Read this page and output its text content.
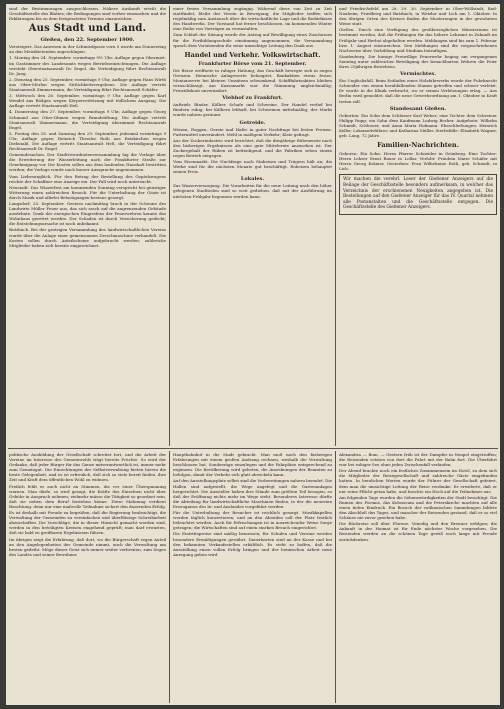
sind der Bestimmungen ausgeschlossen. Nähere Auskunft erteilt die Geschäftsstelle des Blattes; die Bedingungen sind vorher einzusehen und die Erklärungen bis zu dem festgesetzten Termine einzureichen.

Aus Stadt und Land.
Gießen, den 22. September 1900.

Versteigert. Das Anwesen in der Schmiedgasse vorn 5 wurde am Donnerstag an den Meistbietenden zugeschlagen.

1. Montag den 24. September, vormittags 9½ Uhr, Auflage gegen Obermiet, im Gastzimmer des Landesamts wegen Betriebseinrichtungen. Die Auflage versteht Oberstaatsanwalt Dr. Engel, die Verteidigung führt Rechtsanwalt Dr. Jung.

2. Dienstag den 25. September, vormittags 9 Uhr, Auflage gegen Hans Wirth aus Ober-Mörlen wegen Sittlichkeitsvergehens. Die Auflage vertritt Staatsanwalt Zimmermann, die Verteidigung führt Rechtsanwalt Schäfer.

3. Mittwoch den 26. September, vormittags 9 Uhr, Auflage gegen Karl Wendel aus Rödgen wegen Körperverletzung mit tödlichem Ausgang. Die Auflage vertritt Staatsanwalt Heß.

4. Donnerstag den 27. September, vormittags 9 Uhr, Auflage gegen Georg Schmand aus Ober-Ohmen wegen Brandstiftung. Die Auflage vertritt Staatsanwalt Zimmermann, die Verteidigung übernimmt Rechtsanwalt Engel.

5. Freitag den 28. und Samstag den 29. September, jedesmal vormittags 9 Uhr, Auflage gegen Heinrich Theodor Roth aus Reiskirchen wegen Diebstahl. Die Auflage vertritt Staatsanwalt Heß, die Verteidigung führt Rechtsanwalt Dr. Engel.

Gemeindesachen. Der Stadtverordnetenversammlung lag die Vorlage über die Erweiterung der Wasserleitung nach der Frankfurter Straße zur Genehmigung vor. Die Kosten sollen aus dem laufenden Haushalt bestritten werden; die Vorlage wurde nach kurzer Aussprache angenommen.

Vom Liebesunglück. Für den Betrag der Bestellung des Gepäckwagens reichte der Schaffner eine Anzeige ein. Der Fall wird noch untersucht.

Neustadt. Das Winzerfest am kommenden Sonntag verspricht bei günstiger Witterung einen zahlreichen Besuch. Für die Unterhaltung der Gäste ist durch Musik und allerlei Belustigungen bestens gesorgt.

Langsdorf, 20. September. Gestern nachmittag brach in der Scheune des Landwirts Müller Feuer aus, das sich rasch auf die angrenzenden Gebäude ausdehnte. Dank des energischen Eingreifens der Feuerwehren konnte das Wohnhaus gerettet werden. Der Schaden ist durch Versicherung gedeckt; die Entstehungsursache ist noch unbekannt.

Butzbach. Bei der gestrigen Versammlung des landwirtschaftlichen Vereins wurde über die Anlage einer gemeinsamen Dreschmaschine verhandelt. Die Kosten sollen durch Anteilscheine aufgebracht werden; zahlreiche Mitglieder haben sich bereits eingezeichnet.

einer freien Versammlung zugängig. Während diese von Zeit zu Zeit stattfindet, bleibt der Verein in Bewegung; die Mitglieder treffen sich regelmäßig zum Austausch über die wirtschaftliche Lage und die Bedürfnisse des Handwerks. Der Vorstand hat ferner beschlossen, im kommenden Winter eine Reihe von Vorträgen zu veranstalten.

Zum Schluß der Sitzung wurde der Antrag auf Bewilligung eines Zuschusses für die Fortbildungsschule einstimmig angenommen; die Versammlung sprach dem Vorsitzenden für seine umsichtige Leitung den Dank aus.

Handel und Verkehr. Volkswirtschaft.
Frankfurter Börse vom 21. September.

Die Börse eröffnete in ruhiger Haltung; das Geschäft bewegte sich in engen Grenzen. Heimische Anlagewerte behauptet, Bankaktien etwas fester, Montanwerte bei kleinen Umsätzen schwankend. Schifffahrtsaktien blieben vernachlässigt. Am Kassamarkt war die Stimmung ungleichmäßig; Privatdiskont unverändert.

Viehhof zu Frankfurt.

Auftrieb: Rinder, Kälber, Schafe und Schweine. Der Handel verlief bei Rindern ruhig, bei Kälbern lebhaft, bei Schweinen mittelmäßig; der Markt wurde nahezu geräumt.

Getreide.

Weizen, Roggen, Gerste und Hafer in guter Nachfrage bei festen Preisen. Futtermittel unverändert. Mehl in mäßigem Verkehr; Kleie gefragt.

Aus der Zuckerindustrie wird berichtet, daß die diesjährige Rübenernte nach den bisherigen Ergebnissen als eine gute Mittelernte anzusehen ist. Der Zuckergehalt der Rüben ist befriedigend, und die Fabriken sehen einem regen Betrieb entgegen.

Vom Eisenmarkt. Die Nachfrage nach Stabeisen und Trägern hält an; die Werke sind für die nächsten Monate gut beschäftigt. Roheisen behauptet seinen Preis.

Lokales.

Zur Wasserversorgung. Die Vorarbeiten für die neue Leitung nach den höher gelegenen Stadtteilen sind so weit gediehen, daß mit der Ausführung im nächsten Frühjahr begonnen werden kann.

und Friedrichsfeld am 28. 29. 30. September in Ober-Wöllstadt, Bad-Nauheim, Friedberg und Butzbach; in Wetzlar und Lich am 1. Oktober. In den übrigen Orten des Kreises finden die Musterungen in der gewohnten Weise statt.

Gießen. Durch eine Verfügung des großherzoglichen Ministeriums ist bestimmt worden, daß die Prüfungen für das höhere Lehramt in Zukunft im Frühjahr und Herbst abgehalten werden. Meldungen sind bis zum 1. Februar bzw. 1. August einzureichen. Den Meldungen sind die vorgeschriebenen Nachweise über Vorbildung und Studium beizufügen.

Staufenberg. Die hiesige Freiwillige Feuerwehr beging am vergangenen Sonntag unter zahlreicher Beteiligung der benachbarten Wehren die Feier ihres 25jährigen Bestehens.

Vermischtes.

Ein Unglücksfall. Beim Entladen eines Holzfuhrwerks wurde der Fuhrknecht Schneider von einem herabfallenden Stamm getroffen und schwer verletzt. Er wurde in die Klinik verbracht, wo er seinen Verletzungen erlag. — Aus Berlin wird gemeldet, daß die neue Gewerbeordnung am 1. Oktober in Kraft treten soll.

Standesamt Gießen.

Geburten: Ein Sohn dem Schlosser Karl Weber; eine Tochter dem Schreiner Philipp Rupp; ein Sohn dem Kaufmann Ludwig Becker. Aufgebote: Wilhelm Schmidt, Schlosser, und Anna Maria Hofmann. Eheschließungen: Heinrich Keller, Lokomotivführer, und Katharina Müller. Sterbefälle: Elisabeth Wagner, geb. Lang, 72 Jahre.

Familien-Nachrichten.

Geboren: Ein Sohn: Herrn Pfarrer Schneider in Grünberg. Eine Tochter: Herrn Lehrer Ernst Bauer in Lollar. Verlobt: Fräulein Marie Schäfer mit Herrn Georg Krämer. Gestorben: Frau Wilhelmine Roth, geb. Schmidt, in Lich.

Wir machen die verehrl. Leser der Gießener Anzeigers auf die Beilage der Geschäftsstelle besonders aufmerksam, in welcher das Verzeichnis der erschienenen Neuigkeiten angegeben ist. Die Bestellungen auf den Gießener Anzeiger für das IV. Quartal nehmen alle Postanstalten und die Geschäftsstelle entgegen. Die Geschäftsstelle des Gießener Anzeigers.

politische Ausbildung der Gesellschaft schreitet fort, und die Arbeit der Vereine im Interesse des Gemeinwohls trägt bereits Früchte. So wird der Gedanke, daß jeder Bürger für das Ganze mitverantwortlich ist, immer mehr zum Gemeingut. Die Einrichtungen der Selbstverwaltung bieten hierzu die beste Gelegenheit, und es ist erfreulich, daß sich so viele bereit finden, ihre Zeit und Kraft dem öffentlichen Wohl zu widmen.

Freilich fehlt es auch nicht an Stimmen, die vor einer Überspannung warnen. Man dürfe, so wird gesagt, die Kräfte des Einzelnen nicht über Gebühr in Anspruch nehmen; vielmehr müsse die Tätigkeit so geordnet sein, daß sie neben dem Beruf bestehen könne. Diese Mahnung verdient Beachtung, denn nur eine maßvolle Teilnahme sichert den dauernden Erfolg.

Es ist deshalb mit Freude zu begrüßen, daß die Regierung beabsichtigt, die Verwaltung der Gemeinden zu vereinfachen und überflüssige Schreibarbeit abzuschaffen. Die Vorschläge, die in dieser Hinsicht gemacht worden sind, werden in den beteiligten Kreisen eingehend geprüft; man darf erwarten, daß sie bald zu greifbaren Ergebnissen führen.

Im übrigen zeigt die Erfahrung, daß dort, wo die Bürgerschaft regen Anteil an den Angelegenheiten der Gemeinde nimmt, auch die Verwaltung am besten gedeiht. Möge dieser Geist sich immer weiter verbreiten, zum Segen des Landes und seiner Bewohner.

Hauptbahnhof in die Stadt gebracht. Man muß nach den bisherigen Erfahrungen mit einem großen Andrang rechnen, weshalb die Verwaltung beschlossen hat, Sonderzüge einzulegen und die Fahrpläne entsprechend zu ergänzen. Die Bevölkerung wird gebeten, die Anordnungen der Beamten zu befolgen, damit der Verkehr sich glatt abwickeln kann.

Auf den Ausstellungsplatz selbst sind die Vorbereitungen nahezu beendet. Die Hallen sind aufgestellt, die Wege angelegt und die Gartenanlagen hergerichtet. Die Aussteller haben ihre Stände zum größten Teil bezogen, so daß der Eröffnung nichts mehr im Wege steht. Besonderes Interesse dürfte die Abteilung für landwirtschaftliche Maschinen finden, in der die neuesten Erzeugnisse des In- und Auslandes vorgeführt werden.

Für die Unterhaltung der Besucher ist reichlich gesorgt. Musikkapellen werden täglich konzertieren, und an den Abenden soll der Platz festlich beleuchtet werden. Auch für Erfrischungen ist in ausreichender Weise Sorge getragen; die Wirtschaften sind auf einen starken Besuch eingerichtet.

Die Eintrittspreise sind mäßig bemessen; für Schulen und Vereine werden besondere Ermäßigungen gewährt. Dauerkarten sind an der Kasse und bei den bekannten Verkaufsstellen erhältlich. Es steht zu hoffen, daß die Ausstellung einen vollen Erfolg bringen und der heimischen Arbeit neue Anregung geben wird.

Alexandria — Rom. — Gestern früh ist der Dampfer in Neapel eingetroffen; die Reisenden setzten von dort die Fahrt mit der Bahn fort. Die Überfahrt war bei ruhiger See ohne jeden Zwischenfall verlaufen.

Der Abend brachte noch ein festliches Zusammensein im Hotel, zu dem sich die Mitglieder der Reisegesellschaft und zahlreiche Gäste eingefunden hatten. In herzlichen Worten wurde der Führer der Gesellschaft gefeiert, dem man die umsichtige Leitung der Reise verdanke. Er erwiderte, daß er nur seine Pflicht getan habe, und brachte ein Hoch auf die Teilnehmer aus.

Am folgenden Tage wurden die Sehenswürdigkeiten der Stadt besichtigt. Die Ruinen des Forums, das Kolosseum und die Peterskirche machten auf alle einen tiefen Eindruck. Ein Besuch der vatikanischen Sammlungen bildete den Abschluß des Tages, und mancher der Reisenden gestand, daß er so viel Schönes nie zuvor gesehen habe.

Die Rückreise soll über Florenz, Venedig und den Brenner erfolgen; die Ankunft in der Heimat ist für Ende nächster Woche vorgesehen. Die Reisenden werden an die schönen Tage gewiß noch lange mit Freude zurückdenken.
